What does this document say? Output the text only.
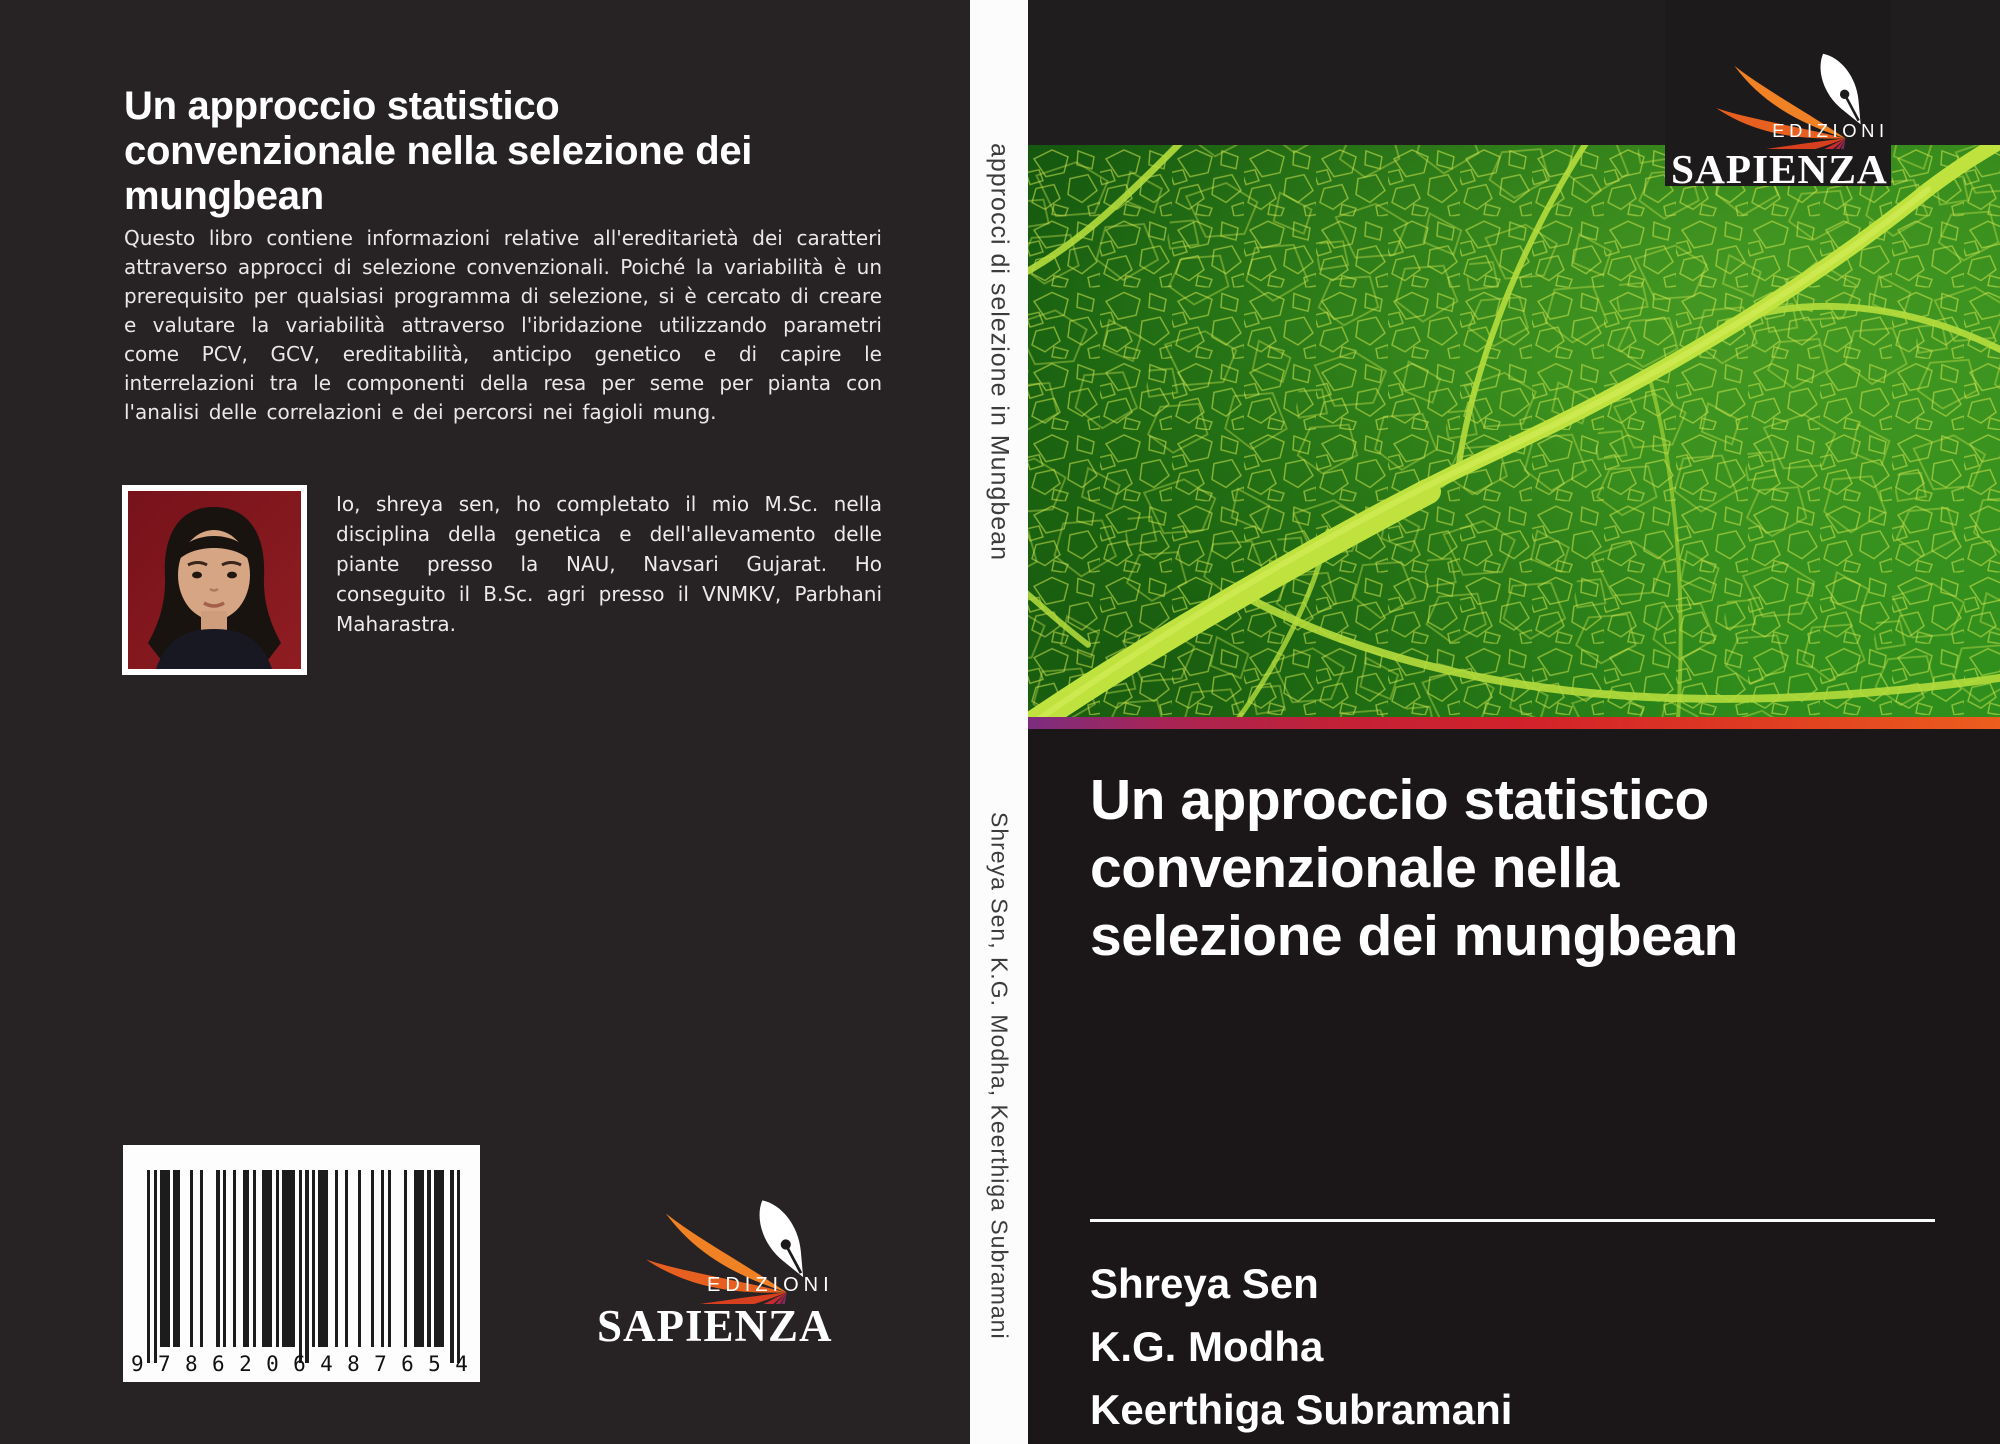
Un approccio statistico
convenzionale nella selezione dei
mungbean
Questo libro contiene informazioni relative all'ereditarietà dei caratteri attraverso approcci di selezione convenzionali. Poiché la variabilità è un prerequisito per qualsiasi programma di selezione, si è cercato di creare e valutare la variabilità attraverso l'ibridazione utilizzando parametri come PCV, GCV, ereditabilità, anticipo genetico e di capire le interrelazioni tra le componenti della resa per seme per pianta con l'analisi delle correlazioni e dei percorsi nei fagioli mung.
Io, shreya sen, ho completato il mio M.Sc. nella disciplina della genetica e dell'allevamento delle piante presso la NAU, Navsari Gujarat. Ho conseguito il B.Sc. agri presso il VNMKV, Parbhani Maharastra.
9 7 8 6 2 0 6 4 8 7 6 5 4
EDIZIONI
SAPIENZA
approcci di selezione in Mungbean
Shreya Sen, K.G. Modha, Keerthiga Subramani
EDIZIONI
SAPIENZA
Un approccio statistico
convenzionale nella
selezione dei mungbean
Shreya Sen
K.G. Modha
Keerthiga Subramani
